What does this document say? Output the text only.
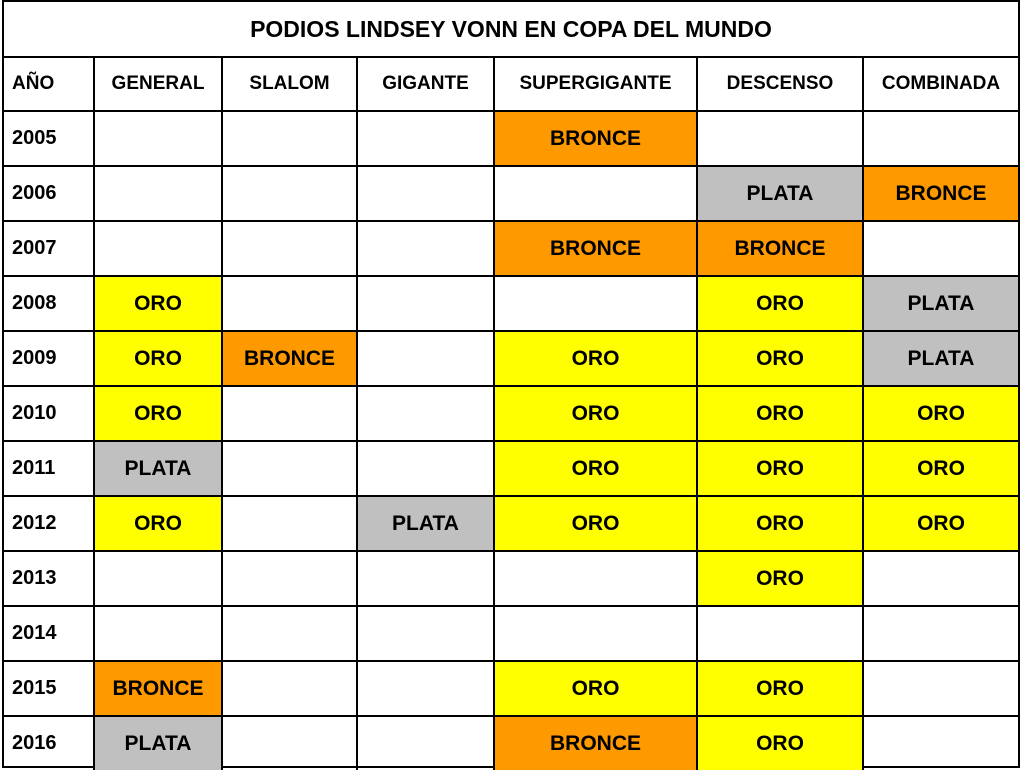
PODIOS LINDSEY VONN EN COPA DEL MUNDO
AÑO	GENERAL	SLALOM	GIGANTE	SUPERGIGANTE	DESCENSO	COMBINADA
2005				BRONCE		
2006					PLATA	BRONCE
2007				BRONCE	BRONCE	
2008	ORO				ORO	PLATA
2009	ORO	BRONCE		ORO	ORO	PLATA
2010	ORO			ORO	ORO	ORO
2011	PLATA			ORO	ORO	ORO
2012	ORO		PLATA	ORO	ORO	ORO
2013					ORO	
2014						
2015	BRONCE			ORO	ORO	
2016	PLATA			BRONCE	ORO	
